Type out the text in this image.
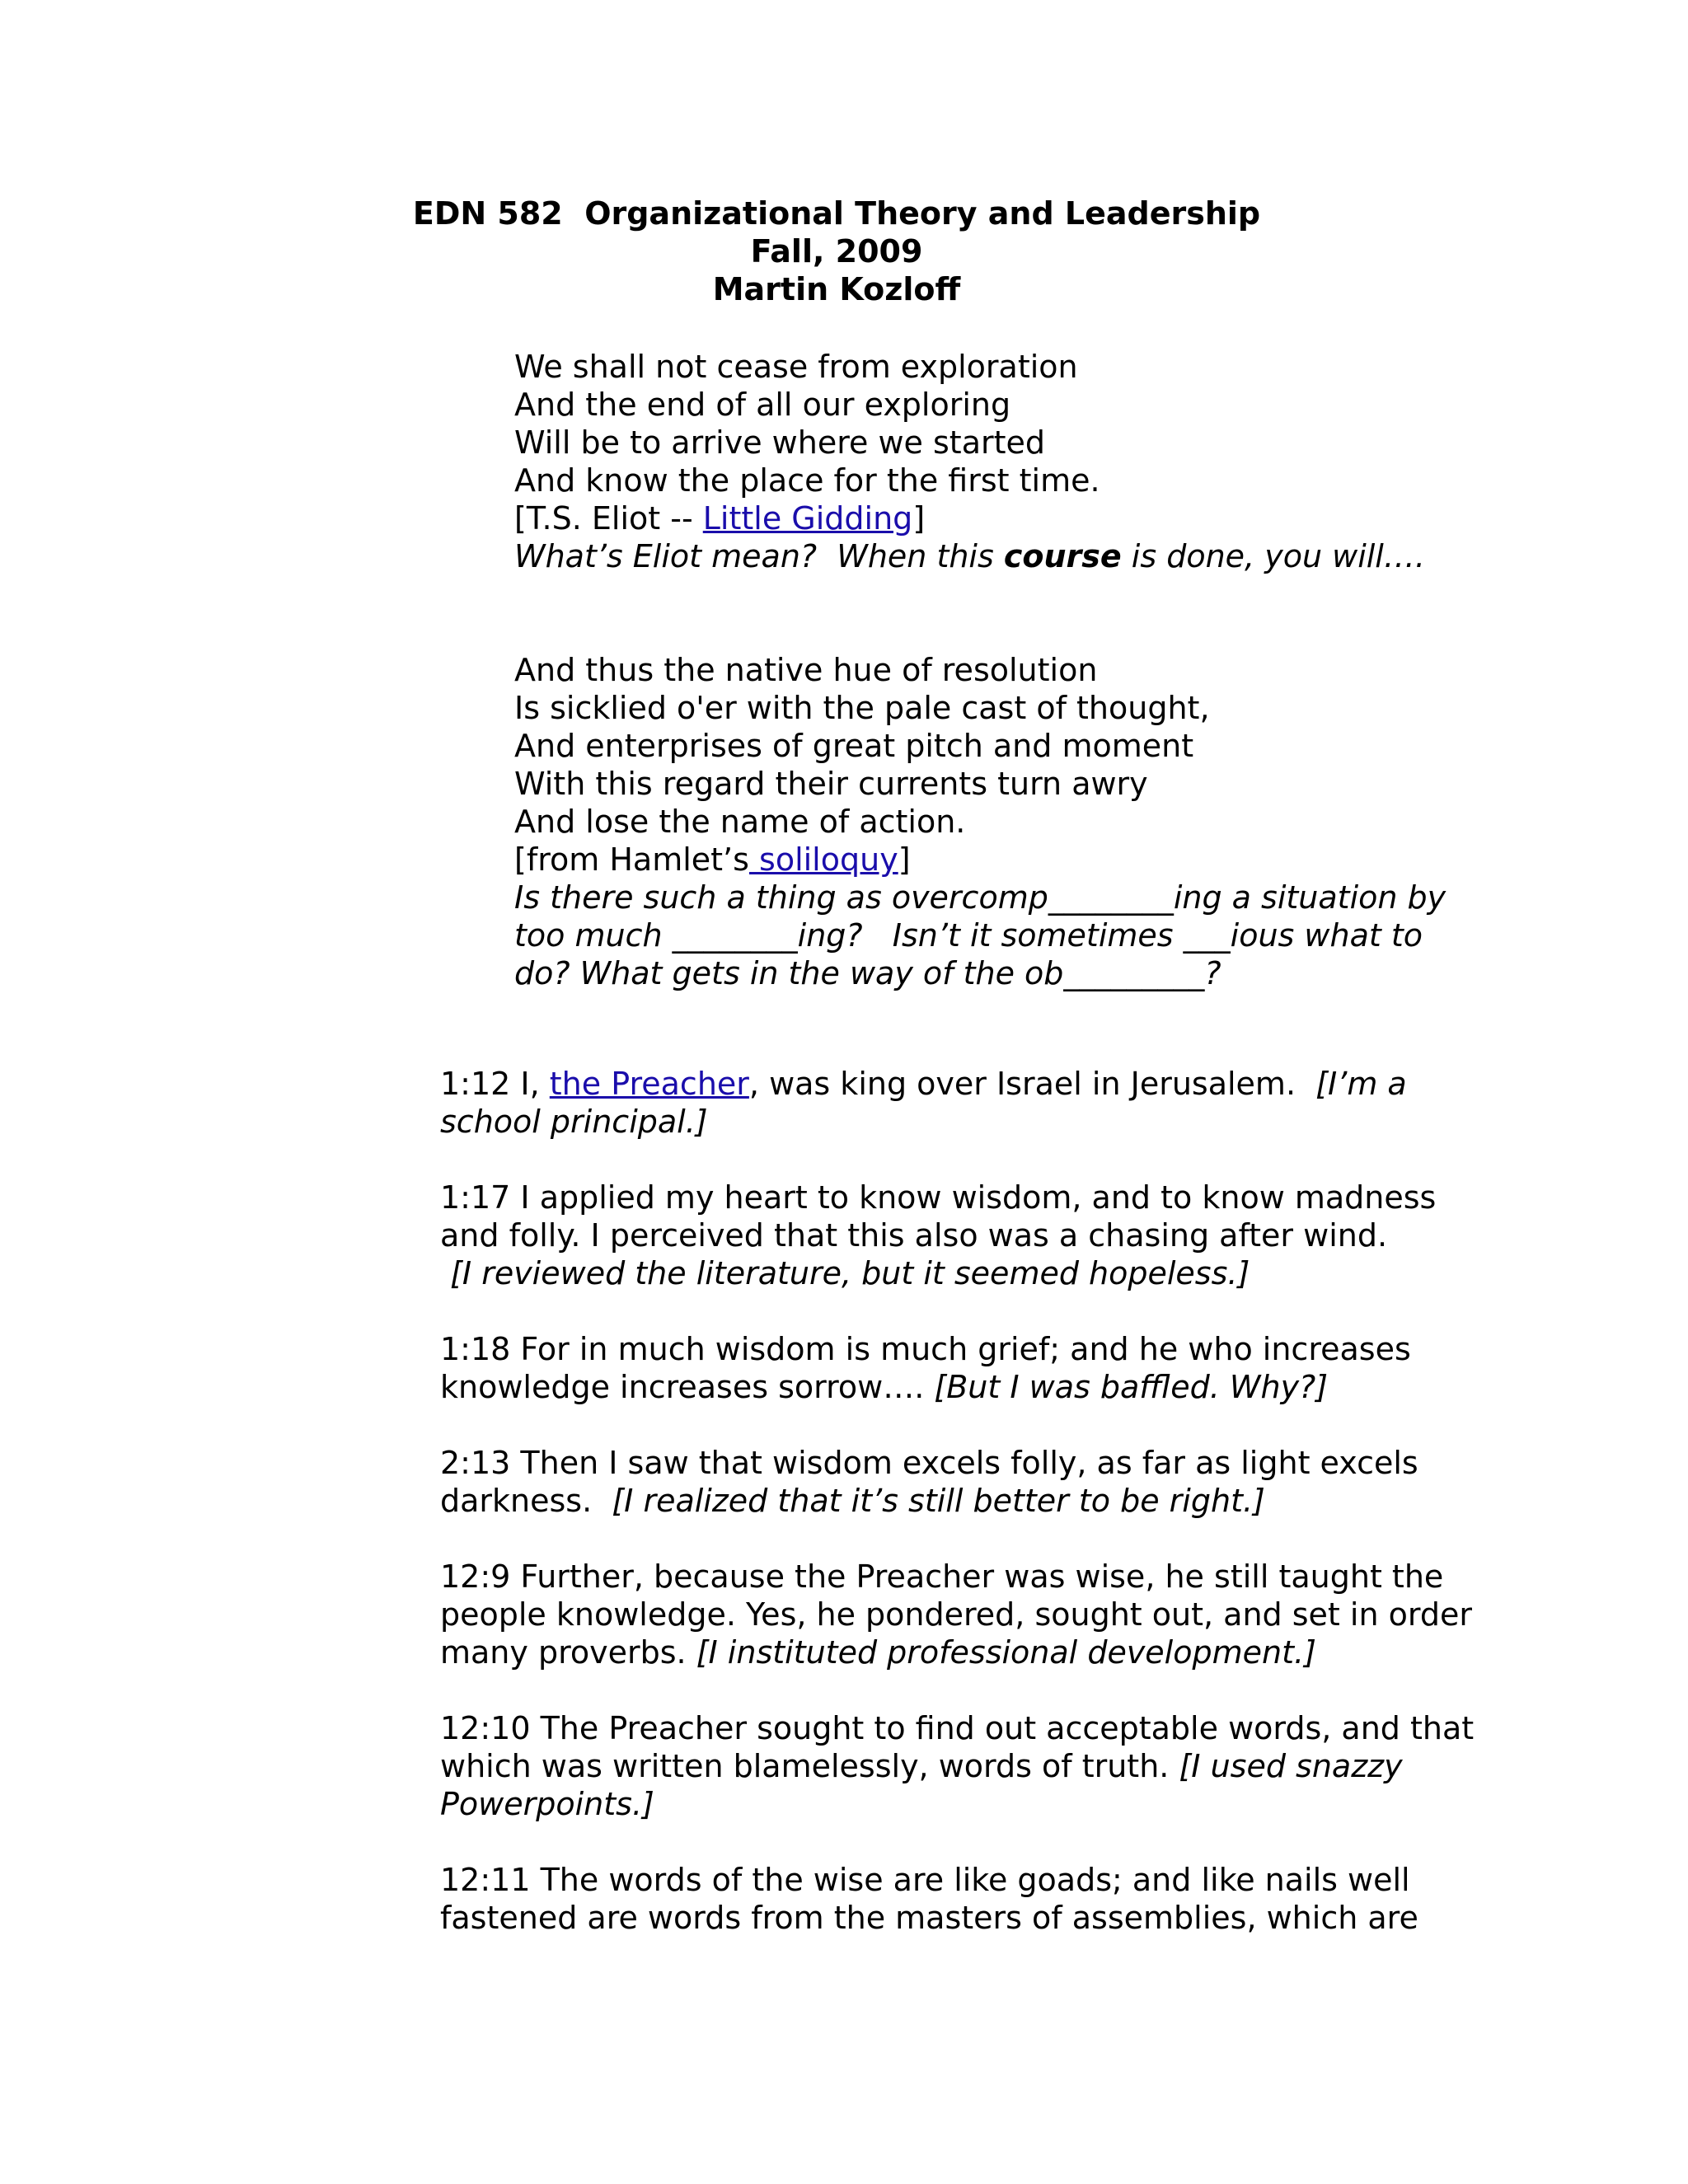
EDN 582  Organizational Theory and Leadership
Fall, 2009
Martin Kozloff
We shall not cease from exploration
And the end of all our exploring
Will be to arrive where we started
And know the place for the first time.
[T.S. Eliot -- Little Gidding]
What’s Eliot mean?  When this course is done, you will….
And thus the native hue of resolution
Is sicklied o'er with the pale cast of thought,
And enterprises of great pitch and moment
With this regard their currents turn awry
And lose the name of action.
[from Hamlet’s soliloquy]
Is there such a thing as overcomp________ing a situation by
too much ________ing?   Isn’t it sometimes ___ious what to
do? What gets in the way of the ob_________?
1:12 I, the Preacher, was king over Israel in Jerusalem.  [I’m a
school principal.]
1:17 I applied my heart to know wisdom, and to know madness
and folly. I perceived that this also was a chasing after wind.
[I reviewed the literature, but it seemed hopeless.]
1:18 For in much wisdom is much grief; and he who increases
knowledge increases sorrow…. [But I was baffled. Why?]
2:13 Then I saw that wisdom excels folly, as far as light excels
darkness.  [I realized that it’s still better to be right.]
12:9 Further, because the Preacher was wise, he still taught the
people knowledge. Yes, he pondered, sought out, and set in order
many proverbs. [I instituted professional development.]
12:10 The Preacher sought to find out acceptable words, and that
which was written blamelessly, words of truth. [I used snazzy
Powerpoints.]
12:11 The words of the wise are like goads; and like nails well
fastened are words from the masters of assemblies, which are
